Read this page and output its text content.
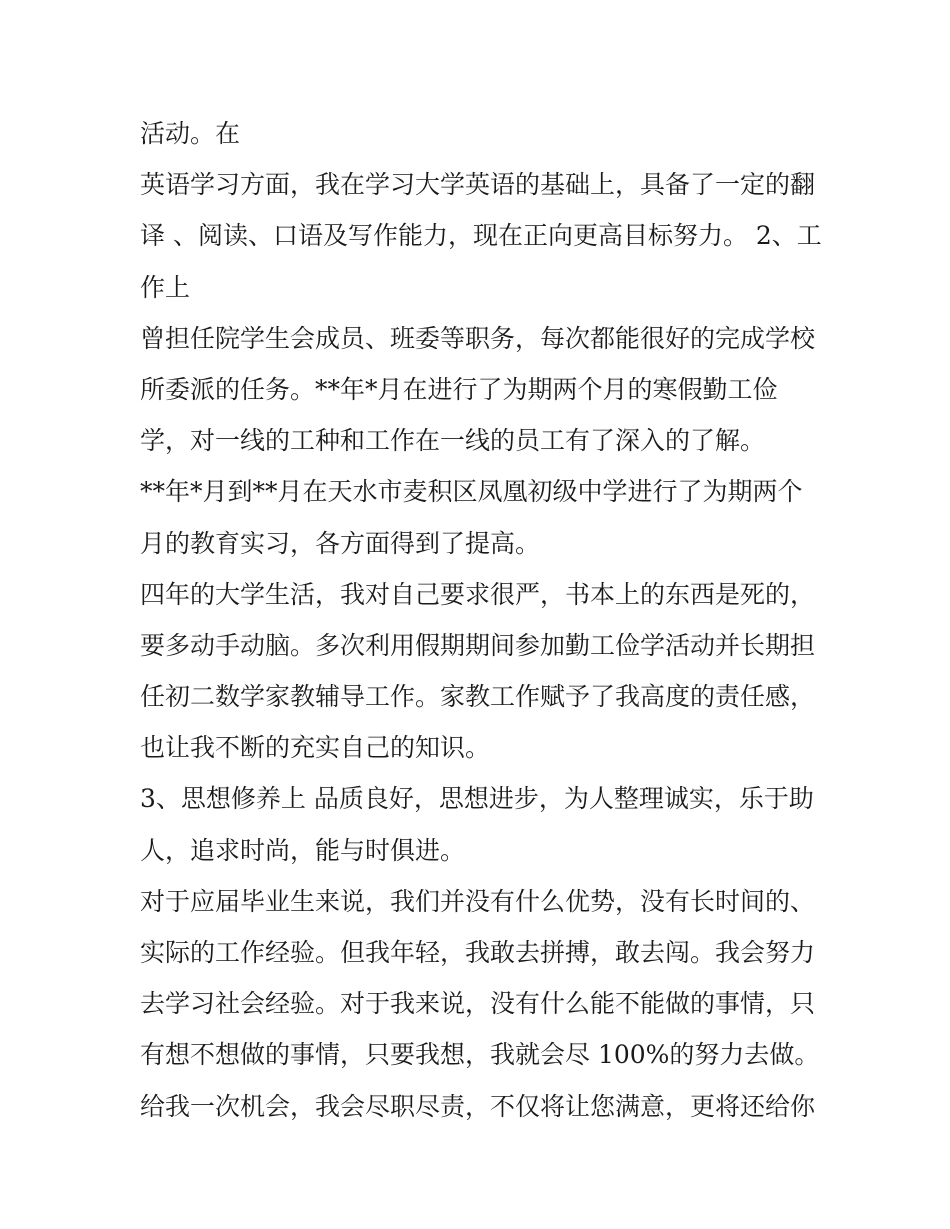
活动。在
英语学习方面，我在学习大学英语的基础上，具备了一定的翻
译 、阅读、口语及写作能力，现在正向更高目标努力。 2、工
作上
曾担任院学生会成员、班委等职务，每次都能很好的完成学校
所委派的任务。**年*月在进行了为期两个月的寒假勤工俭
学，对一线的工种和工作在一线的员工有了深入的了解。
**年*月到**月在天水市麦积区凤凰初级中学进行了为期两个
月的教育实习，各方面得到了提高。
四年的大学生活，我对自己要求很严，书本上的东西是死的，
要多动手动脑。多次利用假期期间参加勤工俭学活动并长期担
任初二数学家教辅导工作。家教工作赋予了我高度的责任感，
也让我不断的充实自己的知识。
3、思想修养上 品质良好，思想进步，为人整理诚实，乐于助
人，追求时尚，能与时俱进。
对于应届毕业生来说，我们并没有什么优势，没有长时间的、
实际的工作经验。但我年轻，我敢去拼搏，敢去闯。我会努力
去学习社会经验。对于我来说，没有什么能不能做的事情，只
有想不想做的事情，只要我想，我就会尽 100%的努力去做。
给我一次机会，我会尽职尽责，不仅将让您满意，更将还给你
